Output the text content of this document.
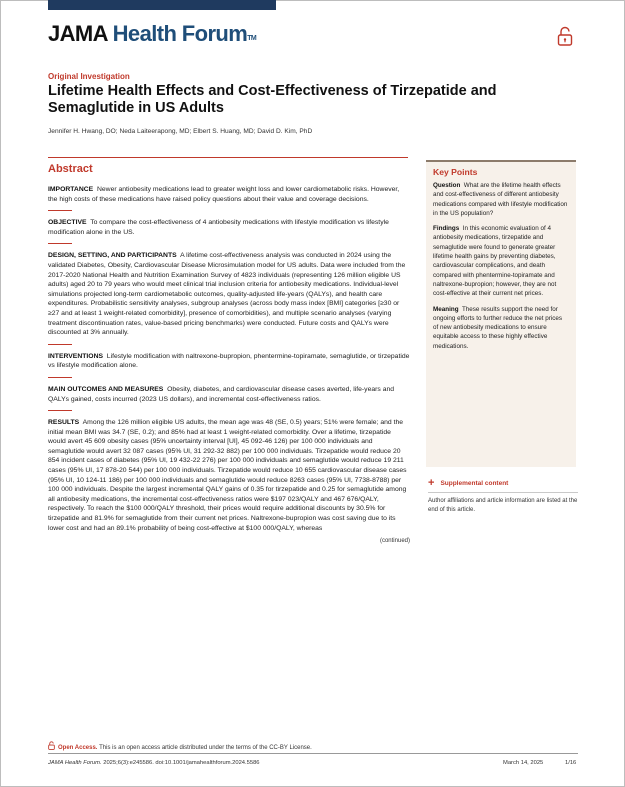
JAMA Health ForumTM
Original Investigation
Lifetime Health Effects and Cost-Effectiveness of Tirzepatide and Semaglutide in US Adults
Jennifer H. Hwang, DO; Neda Laiteerapong, MD; Elbert S. Huang, MD; David D. Kim, PhD
Abstract

IMPORTANCE Newer antiobesity medications lead to greater weight loss and lower cardiometabolic risks. However, the high costs of these medications have raised policy questions about their value and coverage decisions.

OBJECTIVE To compare the cost-effectiveness of 4 antiobesity medications with lifestyle modification vs lifestyle modification alone in the US.

DESIGN, SETTING, AND PARTICIPANTS A lifetime cost-effectiveness analysis was conducted in 2024 using the validated Diabetes, Obesity, Cardiovascular Disease Microsimulation model for US adults. Data were included from the 2017-2020 National Health and Nutrition Examination Survey of 4823 individuals (representing 126 million eligible US adults) aged 20 to 79 years who would meet clinical trial inclusion criteria for antiobesity medications. Individual-level simulations projected long-term cardiometabolic outcomes, quality-adjusted life-years (QALYs), and health care expenditures. Probabilistic sensitivity analyses, subgroup analyses (across body mass index [BMI] categories [≥30 or ≥27 and at least 1 weight-related comorbidity], presence of comorbidities), and multiple scenario analyses (varying treatment discontinuation rates, value-based pricing benchmarks) were conducted. Future costs and QALYs were discounted at 3% annually.

INTERVENTIONS Lifestyle modification with naltrexone-bupropion, phentermine-topiramate, semaglutide, or tirzepatide vs lifestyle modification alone.

MAIN OUTCOMES AND MEASURES Obesity, diabetes, and cardiovascular disease cases averted, life-years and QALYs gained, costs incurred (2023 US dollars), and incremental cost-effectiveness ratios.

RESULTS Among the 126 million eligible US adults, the mean age was 48 (SE, 0.5) years; 51% were female; and the initial mean BMI was 34.7 (SE, 0.2); and 85% had at least 1 weight-related comorbidity. Over a lifetime, tirzepatide would avert 45 609 obesity cases (95% uncertainty interval [UI], 45 092-46 126) per 100 000 individuals and semaglutide would avert 32 087 cases (95% UI, 31 292-32 882) per 100 000 individuals. Tirzepatide would reduce 20 854 incident cases of diabetes (95% UI, 19 432-22 276) per 100 000 individuals and semaglutide would reduce 19 211 cases (95% UI, 17 878-20 544) per 100 000 individuals. Tirzepatide would reduce 10 655 cardiovascular disease cases (95% UI, 10 124-11 186) per 100 000 individuals and semaglutide would reduce 8263 cases (95% UI, 7738-8788) per 100 000 individuals. Despite the largest incremental QALY gains of 0.35 for tirzepatide and 0.25 for semaglutide among all antiobesity medications, the incremental cost-effectiveness ratios were $197 023/QALY and 467 676/QALY, respectively. To reach the $100 000/QALY threshold, their prices would require additional discounts by 30.5% for tirzepatide and 81.9% for semaglutide from their current net prices. Naltrexone-bupropion was cost saving due to its lower cost and had an 89.1% probability of being cost-effective at $100 000/QALY, whereas

(continued)
Key Points

Question What are the lifetime health effects and cost-effectiveness of different antiobesity medications compared with lifestyle modification in the US population?

Findings In this economic evaluation of 4 antiobesity medications, tirzepatide and semaglutide were found to generate greater lifetime health gains by preventing diabetes, cardiovascular complications, and death compared with phentermine-topiramate and naltrexone-bupropion; however, they are not cost-effective at their current net prices.

Meaning These results support the need for ongoing efforts to further reduce the net prices of new antiobesity medications to ensure equitable access to these highly effective medications.

+ Supplemental content
Author affiliations and article information are listed at the end of this article.
Open Access. This is an open access article distributed under the terms of the CC-BY License.
JAMA Health Forum. 2025;6(3):e245586. doi:10.1001/jamahealthforum.2024.5586	March 14, 2025	1/16
